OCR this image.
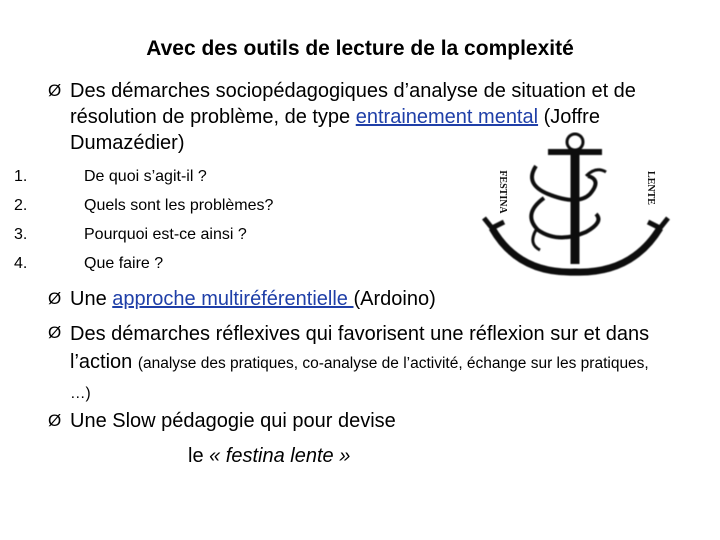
Avec des outils de lecture de la complexité
Ø Des démarches sociopédagogiques d’analyse de situation et de résolution de problème, de type entrainement mental (Joffre Dumazédier)
1.	De quoi s’agit-il ?
2.	Quels sont les problèmes?
3.	Pourquoi est-ce ainsi ?
4.	Que faire ?
FESTINA	LENTE
Ø Une approche multiréférentielle (Ardoino)
Ø Des démarches réflexives qui favorisent une réflexion sur et dans l’action (analyse des pratiques, co-analyse de l’activité, échange sur les pratiques, …)
Ø Une Slow pédagogie qui pour devise
le « festina lente »
